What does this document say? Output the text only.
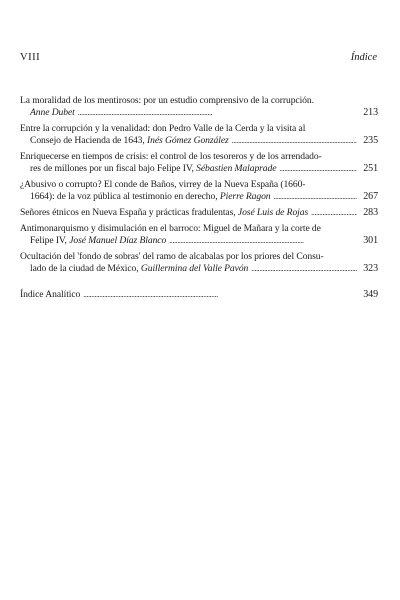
VIII	Índice
La moralidad de los mentirosos: por un estudio comprensivo de la corrupción.
Anne Dubet . . .	213
Entre la corrupción y la venalidad: don Pedro Valle de la Cerda y la visita al
Consejo de Hacienda de 1643, Inés Gómez González . . .	235
Enriquecerse en tiempos de crisis: el control de los tesoreros y de los arrendado-
res de millones por un fiscal bajo Felipe IV, Sébastien Malaprade . . .	251
¿Abusivo o corrupto? El conde de Baños, virrey de la Nueva España (1660-
1664): de la voz pública al testimonio en derecho, Pierre Ragon . . .	267
Señores étnicos en Nueva España y prácticas fradulentas, José Luis de Rojas . . .	283
Antimonarquismo y disimulación en el barroco: Miguel de Mañara y la corte de
Felipe IV, José Manuel Díaz Blanco . . .	301
Ocultación del 'fondo de sobras' del ramo de alcabalas por los priores del Consu-
lado de la ciudad de México, Guillermina del Valle Pavón . . .	323
Índice Analítico . . .	349
